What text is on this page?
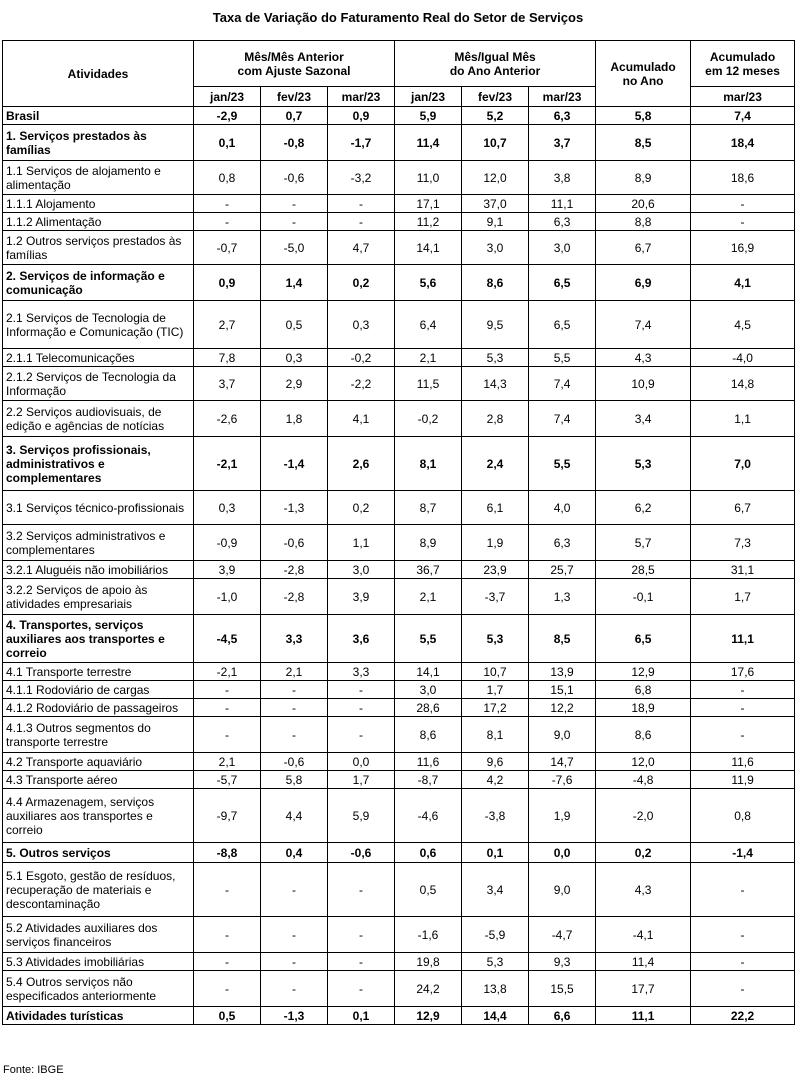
Taxa de Variação do Faturamento Real do Setor de Serviços
Atividades	Mês/Mês Anterior
com Ajuste Sazonal			Mês/Igual Mês
do Ano Anterior			Acumulado
no Ano	Acumulado
em 12 meses
	jan/23	fev/23	mar/23	jan/23	fev/23	mar/23		mar/23
Brasil	-2,9	0,7	0,9	5,9	5,2	6,3	5,8	7,4
1. Serviços prestados às famílias	0,1	-0,8	-1,7	11,4	10,7	3,7	8,5	18,4
1.1 Serviços de alojamento e alimentação	0,8	-0,6	-3,2	11,0	12,0	3,8	8,9	18,6
1.1.1 Alojamento	-	-	-	17,1	37,0	11,1	20,6	-
1.1.2 Alimentação	-	-	-	11,2	9,1	6,3	8,8	-
1.2 Outros serviços prestados às famílias	-0,7	-5,0	4,7	14,1	3,0	3,0	6,7	16,9
2. Serviços de informação e comunicação	0,9	1,4	0,2	5,6	8,6	6,5	6,9	4,1
2.1 Serviços de Tecnologia de Informação e Comunicação (TIC)	2,7	0,5	0,3	6,4	9,5	6,5	7,4	4,5
2.1.1 Telecomunicações	7,8	0,3	-0,2	2,1	5,3	5,5	4,3	-4,0
2.1.2 Serviços de Tecnologia da Informação	3,7	2,9	-2,2	11,5	14,3	7,4	10,9	14,8
2.2 Serviços audiovisuais, de edição e agências de notícias	-2,6	1,8	4,1	-0,2	2,8	7,4	3,4	1,1
3. Serviços profissionais, administrativos e complementares	-2,1	-1,4	2,6	8,1	2,4	5,5	5,3	7,0
3.1 Serviços técnico-profissionais	0,3	-1,3	0,2	8,7	6,1	4,0	6,2	6,7
3.2 Serviços administrativos e complementares	-0,9	-0,6	1,1	8,9	1,9	6,3	5,7	7,3
3.2.1 Aluguéis não imobiliários	3,9	-2,8	3,0	36,7	23,9	25,7	28,5	31,1
3.2.2 Serviços de apoio às atividades empresariais	-1,0	-2,8	3,9	2,1	-3,7	1,3	-0,1	1,7
4. Transportes, serviços auxiliares aos transportes e correio	-4,5	3,3	3,6	5,5	5,3	8,5	6,5	11,1
4.1 Transporte terrestre	-2,1	2,1	3,3	14,1	10,7	13,9	12,9	17,6
4.1.1 Rodoviário de cargas	-	-	-	3,0	1,7	15,1	6,8	-
4.1.2 Rodoviário de passageiros	-	-	-	28,6	17,2	12,2	18,9	-
4.1.3 Outros segmentos do transporte terrestre	-	-	-	8,6	8,1	9,0	8,6	-
4.2 Transporte aquaviário	2,1	-0,6	0,0	11,6	9,6	14,7	12,0	11,6
4.3 Transporte aéreo	-5,7	5,8	1,7	-8,7	4,2	-7,6	-4,8	11,9
4.4 Armazenagem, serviços auxiliares aos transportes e correio	-9,7	4,4	5,9	-4,6	-3,8	1,9	-2,0	0,8
5. Outros serviços	-8,8	0,4	-0,6	0,6	0,1	0,0	0,2	-1,4
5.1 Esgoto, gestão de resíduos, recuperação de materiais e descontaminação	-	-	-	0,5	3,4	9,0	4,3	-
5.2 Atividades auxiliares dos serviços financeiros	-	-	-	-1,6	-5,9	-4,7	-4,1	-
5.3 Atividades imobiliárias	-	-	-	19,8	5,3	9,3	11,4	-
5.4 Outros serviços não especificados anteriormente	-	-	-	24,2	13,8	15,5	17,7	-
Atividades turísticas	0,5	-1,3	0,1	12,9	14,4	6,6	11,1	22,2
Fonte: IBGE
